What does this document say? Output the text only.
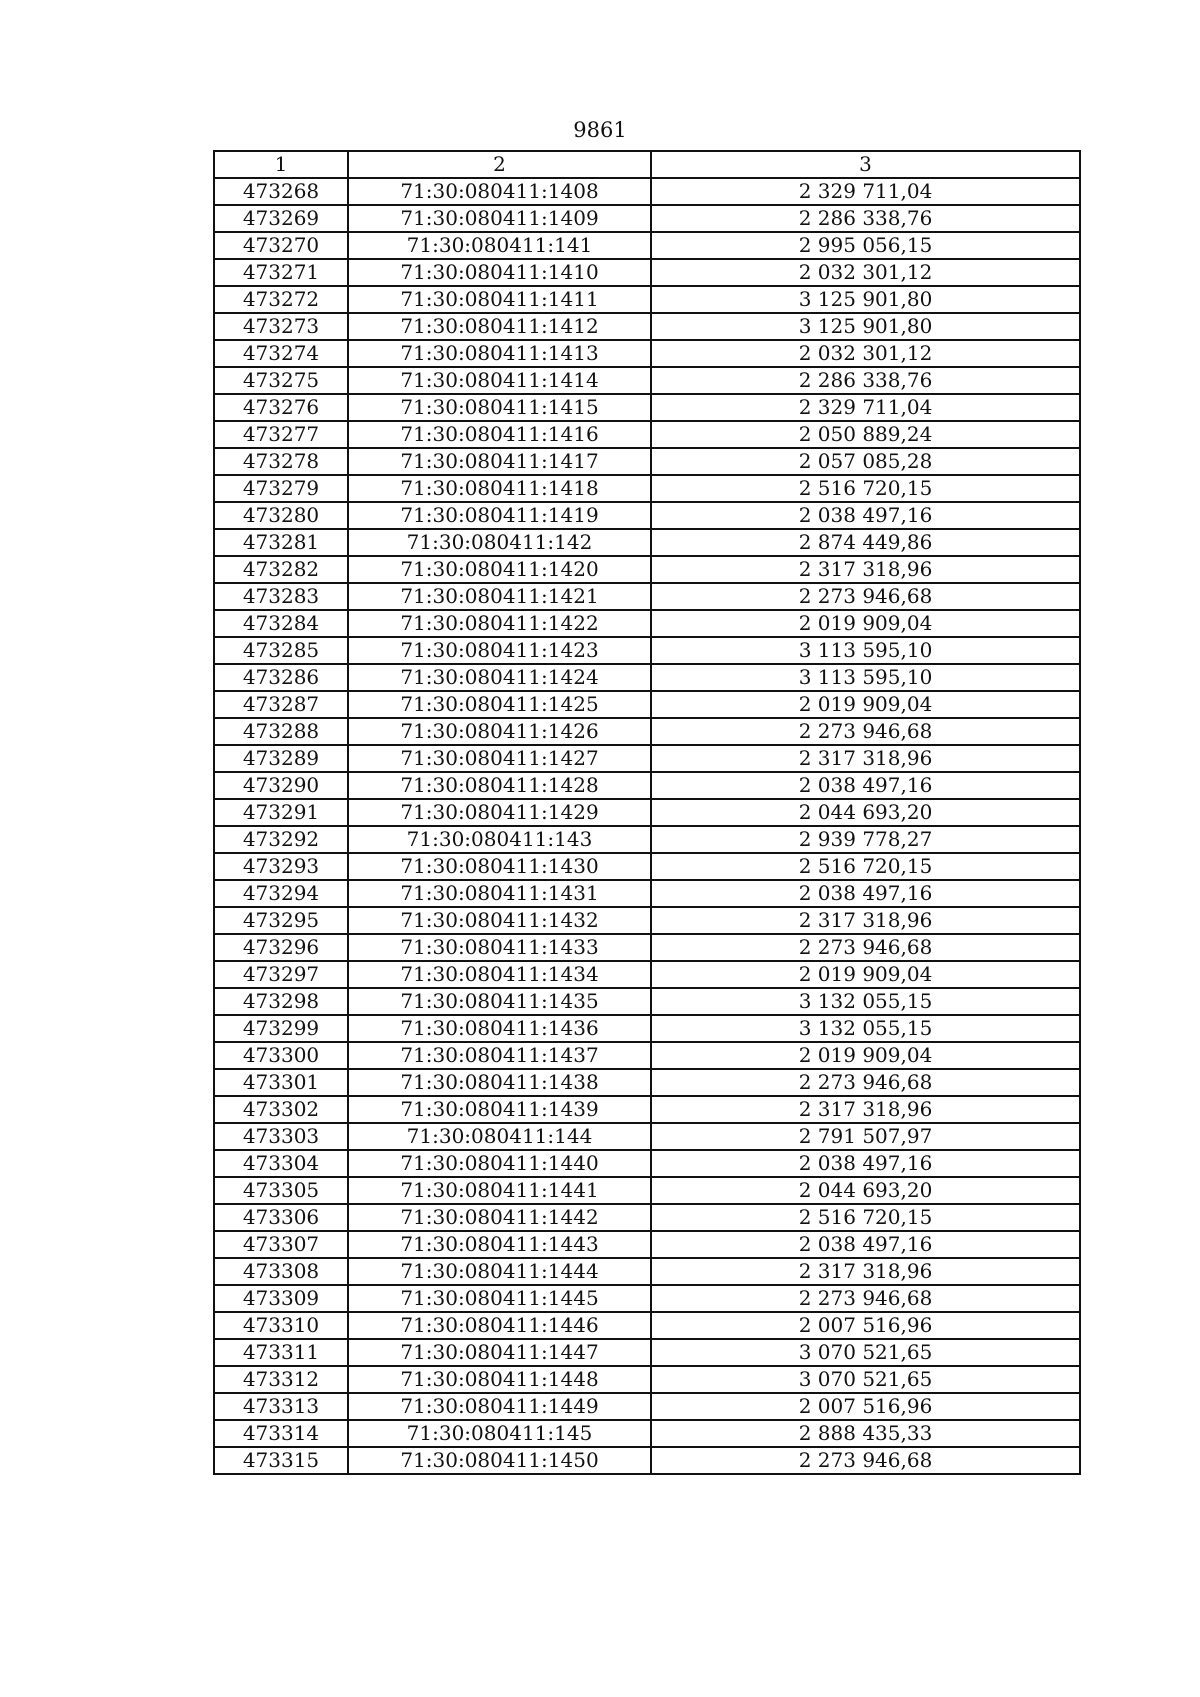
9861
1	2	3
473268	71:30:080411:1408	2 329 711,04
473269	71:30:080411:1409	2 286 338,76
473270	71:30:080411:141	2 995 056,15
473271	71:30:080411:1410	2 032 301,12
473272	71:30:080411:1411	3 125 901,80
473273	71:30:080411:1412	3 125 901,80
473274	71:30:080411:1413	2 032 301,12
473275	71:30:080411:1414	2 286 338,76
473276	71:30:080411:1415	2 329 711,04
473277	71:30:080411:1416	2 050 889,24
473278	71:30:080411:1417	2 057 085,28
473279	71:30:080411:1418	2 516 720,15
473280	71:30:080411:1419	2 038 497,16
473281	71:30:080411:142	2 874 449,86
473282	71:30:080411:1420	2 317 318,96
473283	71:30:080411:1421	2 273 946,68
473284	71:30:080411:1422	2 019 909,04
473285	71:30:080411:1423	3 113 595,10
473286	71:30:080411:1424	3 113 595,10
473287	71:30:080411:1425	2 019 909,04
473288	71:30:080411:1426	2 273 946,68
473289	71:30:080411:1427	2 317 318,96
473290	71:30:080411:1428	2 038 497,16
473291	71:30:080411:1429	2 044 693,20
473292	71:30:080411:143	2 939 778,27
473293	71:30:080411:1430	2 516 720,15
473294	71:30:080411:1431	2 038 497,16
473295	71:30:080411:1432	2 317 318,96
473296	71:30:080411:1433	2 273 946,68
473297	71:30:080411:1434	2 019 909,04
473298	71:30:080411:1435	3 132 055,15
473299	71:30:080411:1436	3 132 055,15
473300	71:30:080411:1437	2 019 909,04
473301	71:30:080411:1438	2 273 946,68
473302	71:30:080411:1439	2 317 318,96
473303	71:30:080411:144	2 791 507,97
473304	71:30:080411:1440	2 038 497,16
473305	71:30:080411:1441	2 044 693,20
473306	71:30:080411:1442	2 516 720,15
473307	71:30:080411:1443	2 038 497,16
473308	71:30:080411:1444	2 317 318,96
473309	71:30:080411:1445	2 273 946,68
473310	71:30:080411:1446	2 007 516,96
473311	71:30:080411:1447	3 070 521,65
473312	71:30:080411:1448	3 070 521,65
473313	71:30:080411:1449	2 007 516,96
473314	71:30:080411:145	2 888 435,33
473315	71:30:080411:1450	2 273 946,68
